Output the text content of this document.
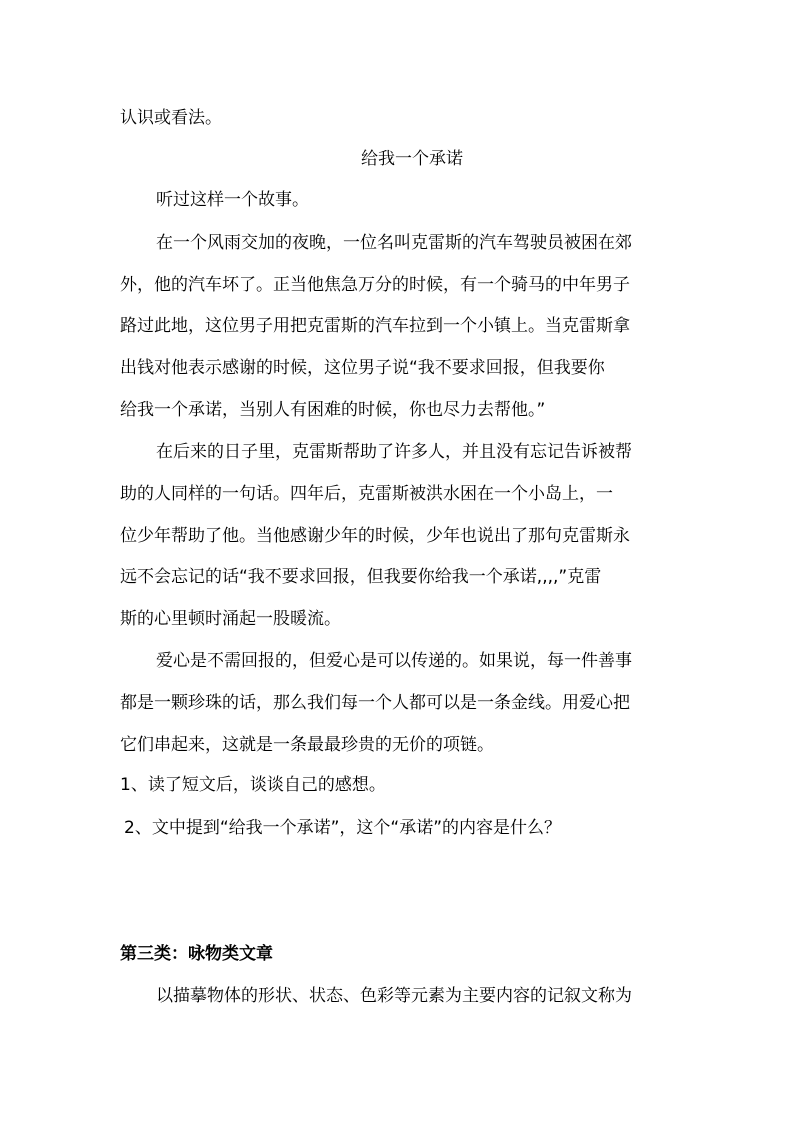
认识或看法。

给我一个承诺

听过这样一个故事。

在一个风雨交加的夜晚，一位名叫克雷斯的汽车驾驶员被困在郊

外，他的汽车坏了。正当他焦急万分的时候，有一个骑马的中年男子

路过此地，这位男子用把克雷斯的汽车拉到一个小镇上。当克雷斯拿

出钱对他表示感谢的时候，这位男子说“我不要求回报，但我要你

给我一个承诺，当别人有困难的时候，你也尽力去帮他。”

在后来的日子里，克雷斯帮助了许多人，并且没有忘记告诉被帮

助的人同样的一句话。四年后，克雷斯被洪水困在一个小岛上，一

位少年帮助了他。当他感谢少年的时候，少年也说出了那句克雷斯永

远不会忘记的话“我不要求回报，但我要你给我一个承诺,,,,”克雷

斯的心里顿时涌起一股暖流。

爱心是不需回报的，但爱心是可以传递的。如果说，每一件善事

都是一颗珍珠的话，那么我们每一个人都可以是一条金线。用爱心把

它们串起来，这就是一条最最珍贵的无价的项链。

1、读了短文后，谈谈自己的感想。

2、文中提到“给我一个承诺”，这个“承诺”的内容是什么？

第三类：咏物类文章

以描摹物体的形状、状态、色彩等元素为主要内容的记叙文称为
